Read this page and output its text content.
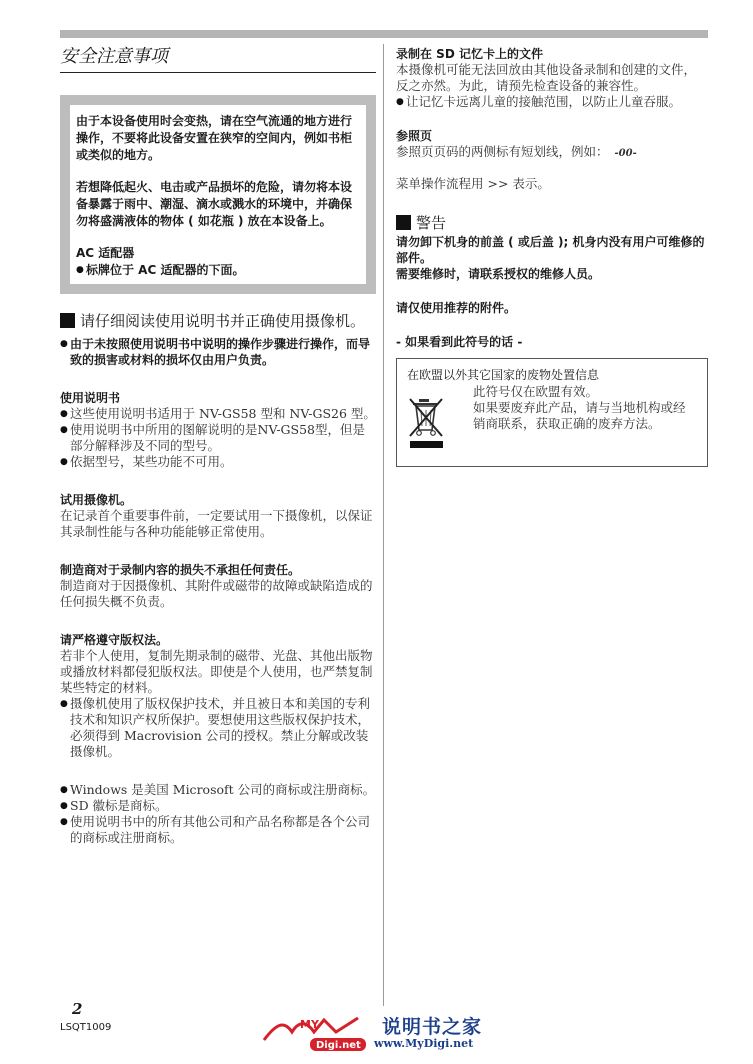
安全注意事项

由于本设备使用时会变热，请在空气流通的地方进行操作，不要将此设备安置在狭窄的空间内，例如书柜或类似的地方。

若想降低起火、电击或产品损坏的危险，请勿将本设备暴露于雨中、潮湿、滴水或溅水的环境中，并确保勿将盛满液体的物体 ( 如花瓶 ) 放在本设备上。

AC 适配器

● 标牌位于 AC 适配器的下面。

请仔细阅读使用说明书并正确使用摄像机。

● 由于未按照使用说明书中说明的操作步骤进行操作，而导致的损害或材料的损坏仅由用户负责。

使用说明书

● 这些使用说明书适用于 NV-GS58 型和 NV-GS26 型。

● 使用说明书中所用的图解说明的是NV-GS58型，但是部分解释涉及不同的型号。

● 依据型号，某些功能不可用。

试用摄像机。

在记录首个重要事件前，一定要试用一下摄像机，以保证其录制性能与各种功能能够正常使用。

制造商对于录制内容的损失不承担任何责任。

制造商对于因摄像机、其附件或磁带的故障或缺陷造成的任何损失概不负责。

请严格遵守版权法。

若非个人使用，复制先期录制的磁带、光盘、其他出版物或播放材料都侵犯版权法。即使是个人使用，也严禁复制某些特定的材料。

● 摄像机使用了版权保护技术，并且被日本和美国的专利技术和知识产权所保护。要想使用这些版权保护技术，必须得到 Macrovision 公司的授权。禁止分解或改装摄像机。

● Windows 是美国 Microsoft 公司的商标或注册商标。

● SD 徽标是商标。

● 使用说明书中的所有其他公司和产品名称都是各个公司的商标或注册商标。

录制在 SD 记忆卡上的文件

本摄像机可能无法回放由其他设备录制和创建的文件，反之亦然。为此，请预先检查设备的兼容性。

● 让记忆卡远离儿童的接触范围，以防止儿童吞服。

参照页

参照页页码的两侧标有短划线，例如： -00-

菜单操作流程用 >> 表示。

警告

请勿卸下机身的前盖 ( 或后盖 ); 机身内没有用户可维修的部件。

需要维修时，请联系授权的维修人员。

请仅使用推荐的附件。

- 如果看到此符号的话 -

在欧盟以外其它国家的废物处置信息

此符号仅在欧盟有效。
如果要废弃此产品，请与当地机构或经销商联系，获取正确的废弃方法。
2
LSQT1009	MY
Digi.net
说明书之家
www.MyDigi.net
